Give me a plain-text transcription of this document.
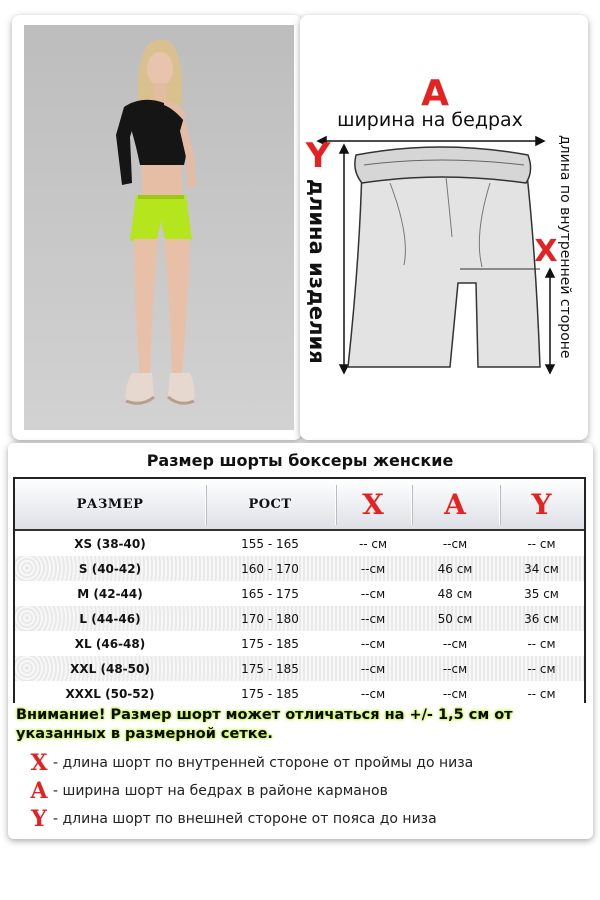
A
ширина на бедрах
Y
длина изделия	X длина по внутренней стороне
Размер шорты боксеры женские
РАЗМЕР	РОСТ	X	A	Y
XS (38-40)	155 - 165	-- см	--см	-- см
S (40-42)	160 - 170	--см	46 см	34 см
M (42-44)	165 - 175	--см	48 см	35 см
L (44-46)	170 - 180	--см	50 см	36 см
XL (46-48)	175 - 185	--см	--см	-- см
XXL (48-50)	175 - 185	--см	--см	-- см
XXXL (50-52)	175 - 185	--см	--см	-- см
Внимание! Размер шорт может отличаться на +/- 1,5 см от указанных в размерной сетке.
X - длина шорт по внутренней стороне от проймы до низа
A - ширина шорт на бедрах в районе карманов
Y - длина шорт по внешней стороне от пояса до низа
